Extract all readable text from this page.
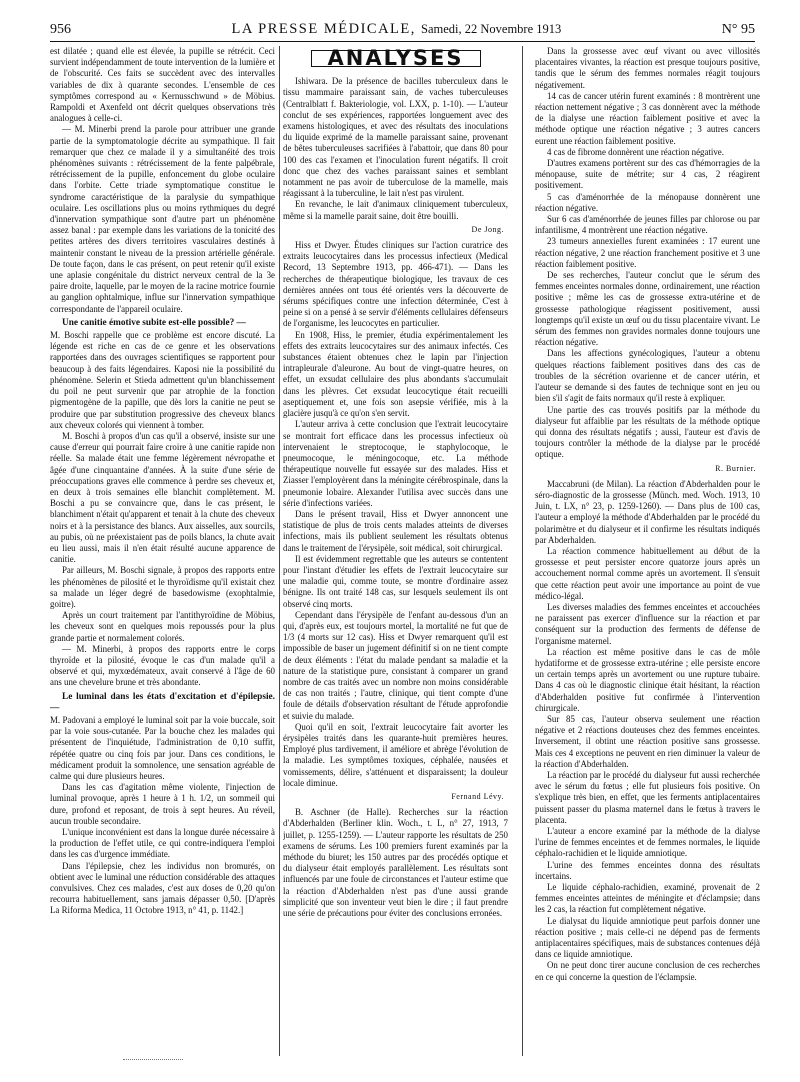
956	LA PRESSE MÉDICALE, Samedi, 22 Novembre 1913	N° 95

est dilatée ; quand elle est élevée, la pupille se rétrécit. Ceci survient indépendamment de toute intervention de la lumière et de l'obscurité. Ces faits se succèdent avec des intervalles variables de dix à quarante secondes. L'ensemble de ces symptômes correspond au « Kernusschwund » de Möbius. Rampoldi et Axenfeld ont décrit quelques observations très analogues à celle-ci.

— M. Minerbi prend la parole pour attribuer une grande partie de la symptomatologie décrite au sympathique. Il fait remarquer que chez ce malade il y a simultanéité des trois phénomènes suivants : rétrécissement de la fente palpébrale, rétrécissement de la pupille, enfoncement du globe oculaire dans l'orbite. Cette triade symptomatique constitue le syndrome caractéristique de la paralysie du sympathique oculaire. Les oscillations plus ou moins rythmiques du degré d'innervation sympathique sont d'autre part un phénomène assez banal : par exemple dans les variations de la tonicité des petites artères des divers territoires vasculaires destinés à maintenir constant le niveau de la pression artérielle générale. De toute façon, dans le cas présent, on peut retenir qu'il existe une aplasie congénitale du district nerveux central de la 3e paire droite, laquelle, par le moyen de la racine motrice fournie au ganglion ophtalmique, influe sur l'innervation sympathique correspondante de l'appareil oculaire.

Une canitie émotive subite est-elle possible? —

M. Boschi rappelle que ce problème est encore discuté. La légende est riche en cas de ce genre et les observations rapportées dans des ouvrages scientifiques se rapportent pour beaucoup à des faits légendaires. Kaposi nie la possibilité du phénomène. Selerin et Stieda admettent qu'un blanchissement du poil ne peut survenir que par atrophie de la fonction pigmentogène de la papille, que dès lors la canitie ne peut se produire que par substitution progressive des cheveux blancs aux cheveux colorés qui viennent à tomber.

M. Boschi à propos d'un cas qu'il a observé, insiste sur une cause d'erreur qui pourrait faire croire à une canitie rapide non réelle. Sa malade était une femme légèrement névropathe et âgée d'une cinquantaine d'années. À la suite d'une série de préoccupations graves elle commence à perdre ses cheveux et, en deux à trois semaines elle blanchit complètement. M. Boschi a pu se convaincre que, dans le cas présent, le blanchiment n'était qu'apparent et tenait à la chute des cheveux noirs et à la persistance des blancs. Aux aisselles, aux sourcils, au pubis, où ne préexistaient pas de poils blancs, la chute avait eu lieu aussi, mais il n'en était résulté aucune apparence de canitie.

Par ailleurs, M. Boschi signale, à propos des rapports entre les phénomènes de pilosité et le thyroïdisme qu'il existait chez sa malade un léger degré de basedowisme (exophtalmie, goitre).

Après un court traitement par l'antithyroïdine de Möbius, les cheveux sont en quelques mois repoussés pour la plus grande partie et normalement colorés.

— M. Minerbi, à propos des rapports entre le corps thyroïde et la pilosité, évoque le cas d'un malade qu'il a observé et qui, myxœdémateux, avait conservé à l'âge de 60 ans une chevelure brune et très abondante.

Le luminal dans les états d'excitation et d'épilepsie. —

M. Padovani a employé le luminal soit par la voie buccale, soit par la voie sous-cutanée. Par la bouche chez les malades qui présentent de l'inquiétude, l'administration de 0,10 suffit, répétée quatre ou cinq fois par jour. Dans ces conditions, le médicament produit la somnolence, une sensation agréable de calme qui dure plusieurs heures.

Dans les cas d'agitation même violente, l'injection de luminal provoque, après 1 heure à 1 h. 1/2, un sommeil qui dure, profond et reposant, de trois à sept heures. Au réveil, aucun trouble secondaire.

L'unique inconvénient est dans la longue durée nécessaire à la production de l'effet utile, ce qui contre-indiquera l'emploi dans les cas d'urgence immédiate.

Dans l'épilepsie, chez les individus non bromurés, on obtient avec le luminal une réduction considérable des attaques convulsives. Chez ces malades, c'est aux doses de 0,20 qu'on recourra habituellement, sans jamais dépasser 0,50. [D'après La Riforma Medica, 11 Octobre 1913, n° 41, p. 1142.]

ANALYSES

Ishiwara. De la présence de bacilles tuberculeux dans le tissu mammaire paraissant sain, de vaches tuberculeuses (Centralblatt f. Bakteriologie, vol. LXX, p. 1-10). — L'auteur conclut de ses expériences, rapportées longuement avec des examens histologiques, et avec des résultats des inoculations du liquide exprimé de la mamelle paraissant saine, provenant de bêtes tuberculeuses sacrifiées à l'abattoir, que dans 80 pour 100 des cas l'examen et l'inoculation furent négatifs. Il croit donc que chez des vaches paraissant saines et semblant notamment ne pas avoir de tuberculose de la mamelle, mais réagissant à la tuberculine, le lait n'est pas virulent.

En revanche, le lait d'animaux cliniquement tuberculeux, même si la mamelle parait saine, doit être bouilli.

De Jong.

Hiss et Dwyer. Études cliniques sur l'action curatrice des extraits leucocytaires dans les processus infectieux (Medical Record, 13 Septembre 1913, pp. 466-471). — Dans les recherches de thérapeutique biologique, les travaux de ces dernières années ont tous été orientés vers la découverte de sérums spécifiques contre une infection déterminée, C'est à peine si on a pensé à se servir d'éléments cellulaires défenseurs de l'organisme, les leucocytes en particulier.

En 1908, Hiss, le premier, étudia expérimentalement les effets des extraits leucocytaires sur des animaux infectés. Ces substances étaient obtenues chez le lapin par l'injection intrapleurale d'aleurone. Au bout de vingt-quatre heures, on effet, un exsudat cellulaire des plus abondants s'accumulait dans les plèvres. Cet exsudat leucocytique était recueilli aseptiquement et, une fois son asepsie vérifiée, mis à la glacière jusqu'à ce qu'on s'en servit.

L'auteur arriva à cette conclusion que l'extrait leucocytaire se montrait fort efficace dans les processus infectieux où intervenaient le streptocoque, le staphylocoque, le pneumocoque, le méningocoque, etc. La méthode thérapeutique nouvelle fut essayée sur des malades. Hiss et Ziasser l'employèrent dans la méningite cérébrospinale, dans la pneumonie lobaire. Alexander l'utilisa avec succès dans une série d'infections variées.

Dans le présent travail, Hiss et Dwyer annoncent une statistique de plus de trois cents malades atteints de diverses infections, mais ils publient seulement les résultats obtenus dans le traitement de l'érysipèle, soit médical, soit chirurgical.

Il est évidemment regrettable que les auteurs se contentent pour l'instant d'étudier les effets de l'extrait leucocytaire sur une maladie qui, comme toute, se montre d'ordinaire assez bénigne. Ils ont traité 148 cas, sur lesquels seulement ils ont observé cinq morts.

Cependant dans l'érysipèle de l'enfant au-dessous d'un an qui, d'après eux, est toujours mortel, la mortalité ne fut que de 1/3 (4 morts sur 12 cas). Hiss et Dwyer remarquent qu'il est impossible de baser un jugement définitif si on ne tient compte de deux éléments : l'état du malade pendant sa maladie et la nature de la statistique pure, consistant à comparer un grand nombre de cas traités avec un nombre non moins considérable de cas non traités ; l'autre, clinique, qui tient compte d'une foule de détails d'observation résultant de l'étude approfondie et suivie du malade.

Quoi qu'il en soit, l'extrait leucocytaire fait avorter les érysipèles traités dans les quarante-huit premières heures. Employé plus tardivement, il améliore et abrège l'évolution de la maladie. Les symptômes toxiques, céphalée, nausées et vomissements, délire, s'atténuent et disparaissent; la douleur locale diminue.

Fernand Lévy.

B. Aschner (de Halle). Recherches sur la réaction d'Abderhalden (Berliner klin. Woch., t. L, n° 27, 1913, 7 juillet, p. 1255-1259). — L'auteur rapporte les résultats de 250 examens de sérums. Les 100 premiers furent examinés par la méthode du biuret; les 150 autres par des procédés optique et du dialyseur était employés parallèlement. Les résultats sont influencés par une foule de circonstances et l'auteur estime que la réaction d'Abderhalden n'est pas d'une aussi grande simplicité que son inventeur veut bien le dire ; il faut prendre une série de précautions pour éviter des conclusions erronées.

Dans la grossesse avec œuf vivant ou avec villosités placentaires vivantes, la réaction est presque toujours positive, tandis que le sérum des femmes normales réagit toujours négativement.

14 cas de cancer utérin furent examinés : 8 montrèrent une réaction nettement négative ; 3 cas donnèrent avec la méthode de la dialyse une réaction faiblement positive et avec la méthode optique une réaction négative ; 3 autres cancers eurent une réaction faiblement positive.

4 cas de fibrome donnèrent une réaction négative.

D'autres examens portèrent sur des cas d'hémorragies de la ménopause, suite de métrite; sur 4 cas, 2 réagirent positivement.

5 cas d'aménorrhée de la ménopause donnèrent une réaction négative.

Sur 6 cas d'aménorrhée de jeunes filles par chlorose ou par infantilisme, 4 montrèrent une réaction négative.

23 tumeurs annexielles furent examinées : 17 eurent une réaction négative, 2 une réaction franchement positive et 3 une réaction faiblement positive.

De ses recherches, l'auteur conclut que le sérum des femmes enceintes normales donne, ordinairement, une réaction positive ; même les cas de grossesse extra-utérine et de grossesse pathologique réagissent positivement, aussi longtemps qu'il existe un œuf ou du tissu placentaire vivant. Le sérum des femmes non gravides normales donne toujours une réaction négative.

Dans les affections gynécologiques, l'auteur a obtenu quelques réactions faiblement positives dans des cas de troubles de la sécrétion ovarienne et de cancer utérin, et l'auteur se demande si des fautes de technique sont en jeu ou bien s'il s'agit de faits normaux qu'il reste à expliquer.

Une partie des cas trouvés positifs par la méthode du dialyseur fut affaiblie par les résultats de la méthode optique qui donna des résultats négatifs ; aussi, l'auteur est d'avis de toujours contrôler la méthode de la dialyse par le procédé optique.

R. Burnier.

Maccabruni (de Milan). La réaction d'Abderhalden pour le séro-diagnostic de la grossesse (Münch. med. Woch. 1913, 10 Juin, t. LX, n° 23, p. 1259-1260). — Dans plus de 100 cas, l'auteur a employé la méthode d'Abderhalden par le procédé du polarimètre et du dialyseur et il confirme les résultats indiqués par Abderhalden.

La réaction commence habituellement au début de la grossesse et peut persister encore quatorze jours après un accouchement normal comme après un avortement. Il s'ensuit que cette réaction peut avoir une importance au point de vue médico-légal.

Les diverses maladies des femmes enceintes et accouchées ne paraissent pas exercer d'influence sur la réaction et par conséquent sur la production des ferments de défense de l'organisme maternel.

La réaction est même positive dans le cas de môle hydatiforme et de grossesse extra-utérine ; elle persiste encore un certain temps après un avortement ou une rupture tubaire. Dans 4 cas où le diagnostic clinique était hésitant, la réaction d'Abderhalden positive fut confirmée à l'intervention chirurgicale.

Sur 85 cas, l'auteur observa seulement une réaction négative et 2 réactions douteuses chez des femmes enceintes. Inversement, il obtint une réaction positive sans grossesse. Mais ces 4 exceptions ne peuvent en rien diminuer la valeur de la réaction d'Abderhalden.

La réaction par le procédé du dialyseur fut aussi recherchée avec le sérum du fœtus ; elle fut plusieurs fois positive. On s'explique très bien, en effet, que les ferments antiplacentaires puissent passer du plasma maternel dans le fœtus à travers le placenta.

L'auteur a encore examiné par la méthode de la dialyse l'urine de femmes enceintes et de femmes normales, le liquide céphalo-rachidien et le liquide amniotique.

L'urine des femmes enceintes donna des résultats incertains.

Le liquide céphalo-rachidien, examiné, provenait de 2 femmes enceintes atteintes de méningite et d'éclampsie; dans les 2 cas, la réaction fut complètement négative.

Le dialysat du liquide amniotique peut parfois donner une réaction positive ; mais celle-ci ne dépend pas de ferments antiplacentaires spécifiques, mais de substances contenues déjà dans ce liquide amniotique.

On ne peut donc tirer aucune conclusion de ces recherches en ce qui concerne la question de l'éclampsie.
